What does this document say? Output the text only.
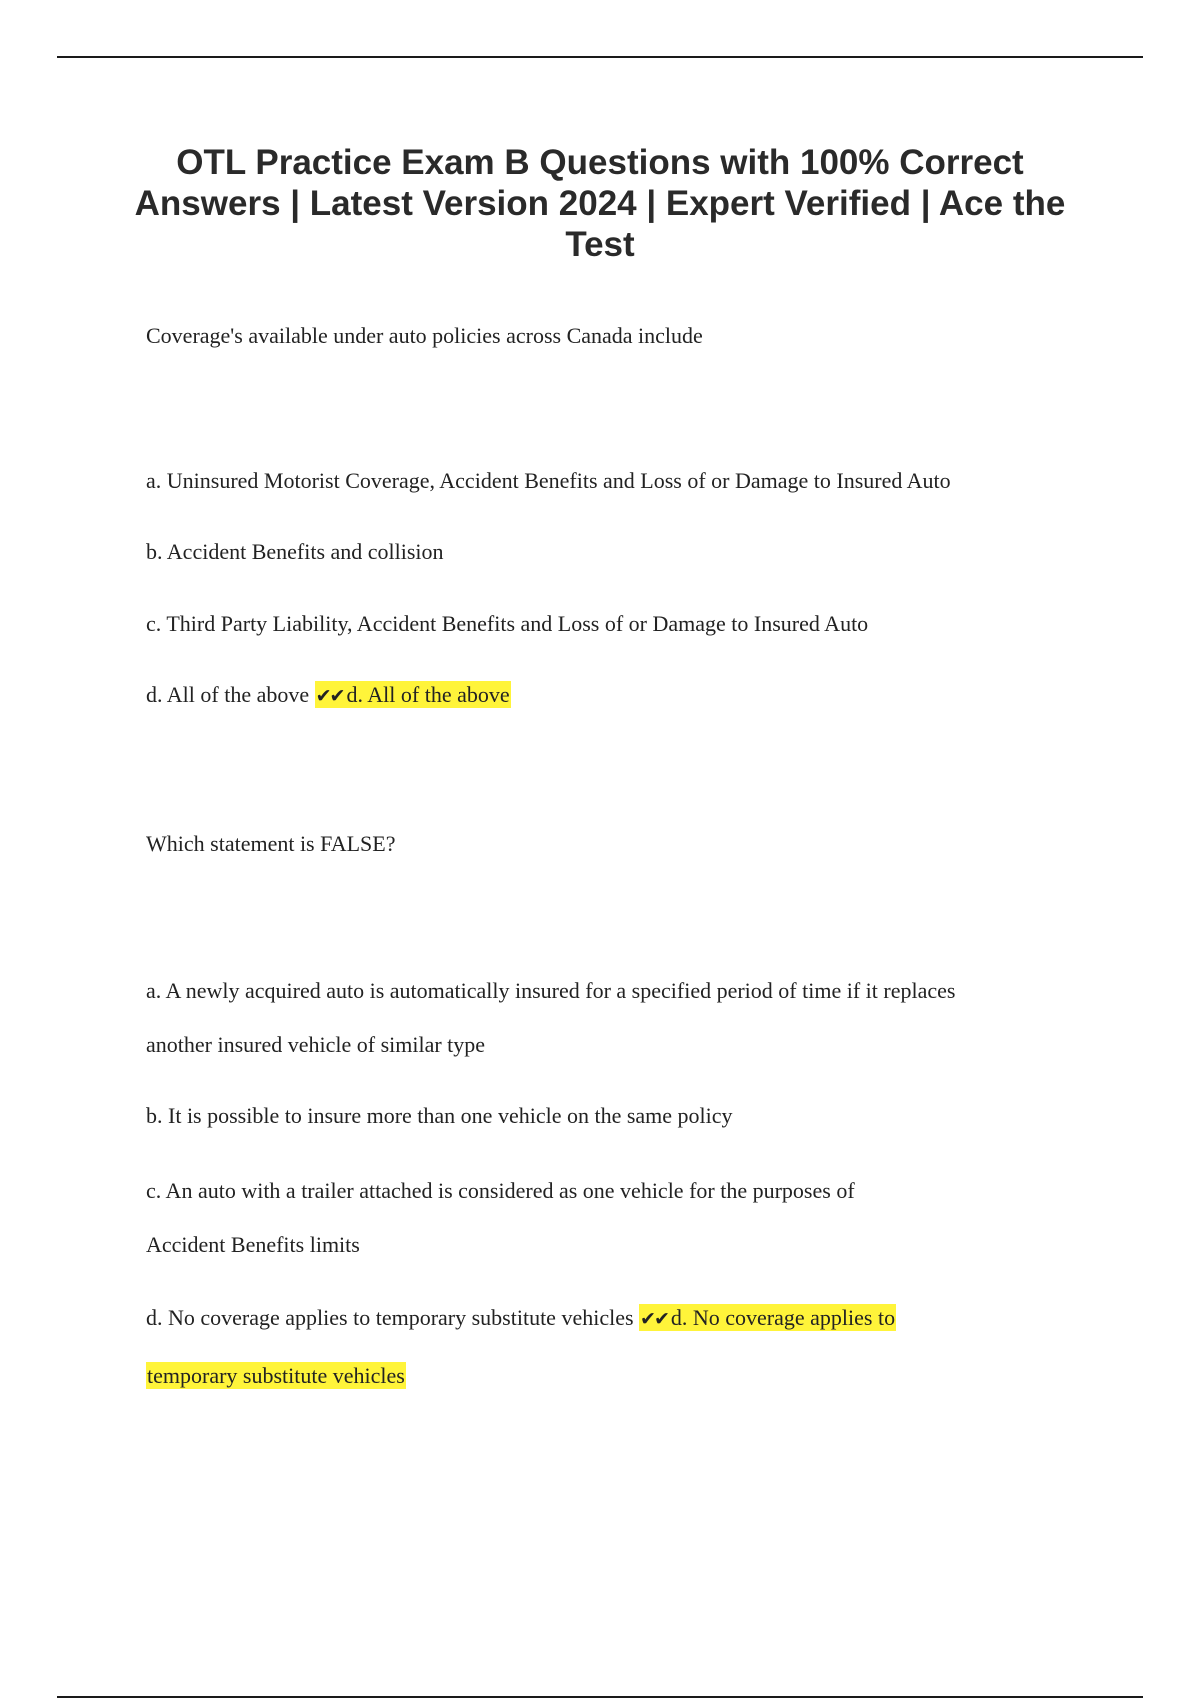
OTL Practice Exam B Questions with 100% Correct Answers | Latest Version 2024 | Expert Verified | Ace the Test
Coverage's available under auto policies across Canada include
a. Uninsured Motorist Coverage, Accident Benefits and Loss of or Damage to Insured Auto
b. Accident Benefits and collision
c. Third Party Liability, Accident Benefits and Loss of or Damage to Insured Auto
d. All of the above ✔✔ d. All of the above
Which statement is FALSE?
a. A newly acquired auto is automatically insured for a specified period of time if it replaces
another insured vehicle of similar type
b. It is possible to insure more than one vehicle on the same policy
c. An auto with a trailer attached is considered as one vehicle for the purposes of
Accident Benefits limits
d. No coverage applies to temporary substitute vehicles ✔✔ d. No coverage applies to
temporary substitute vehicles
